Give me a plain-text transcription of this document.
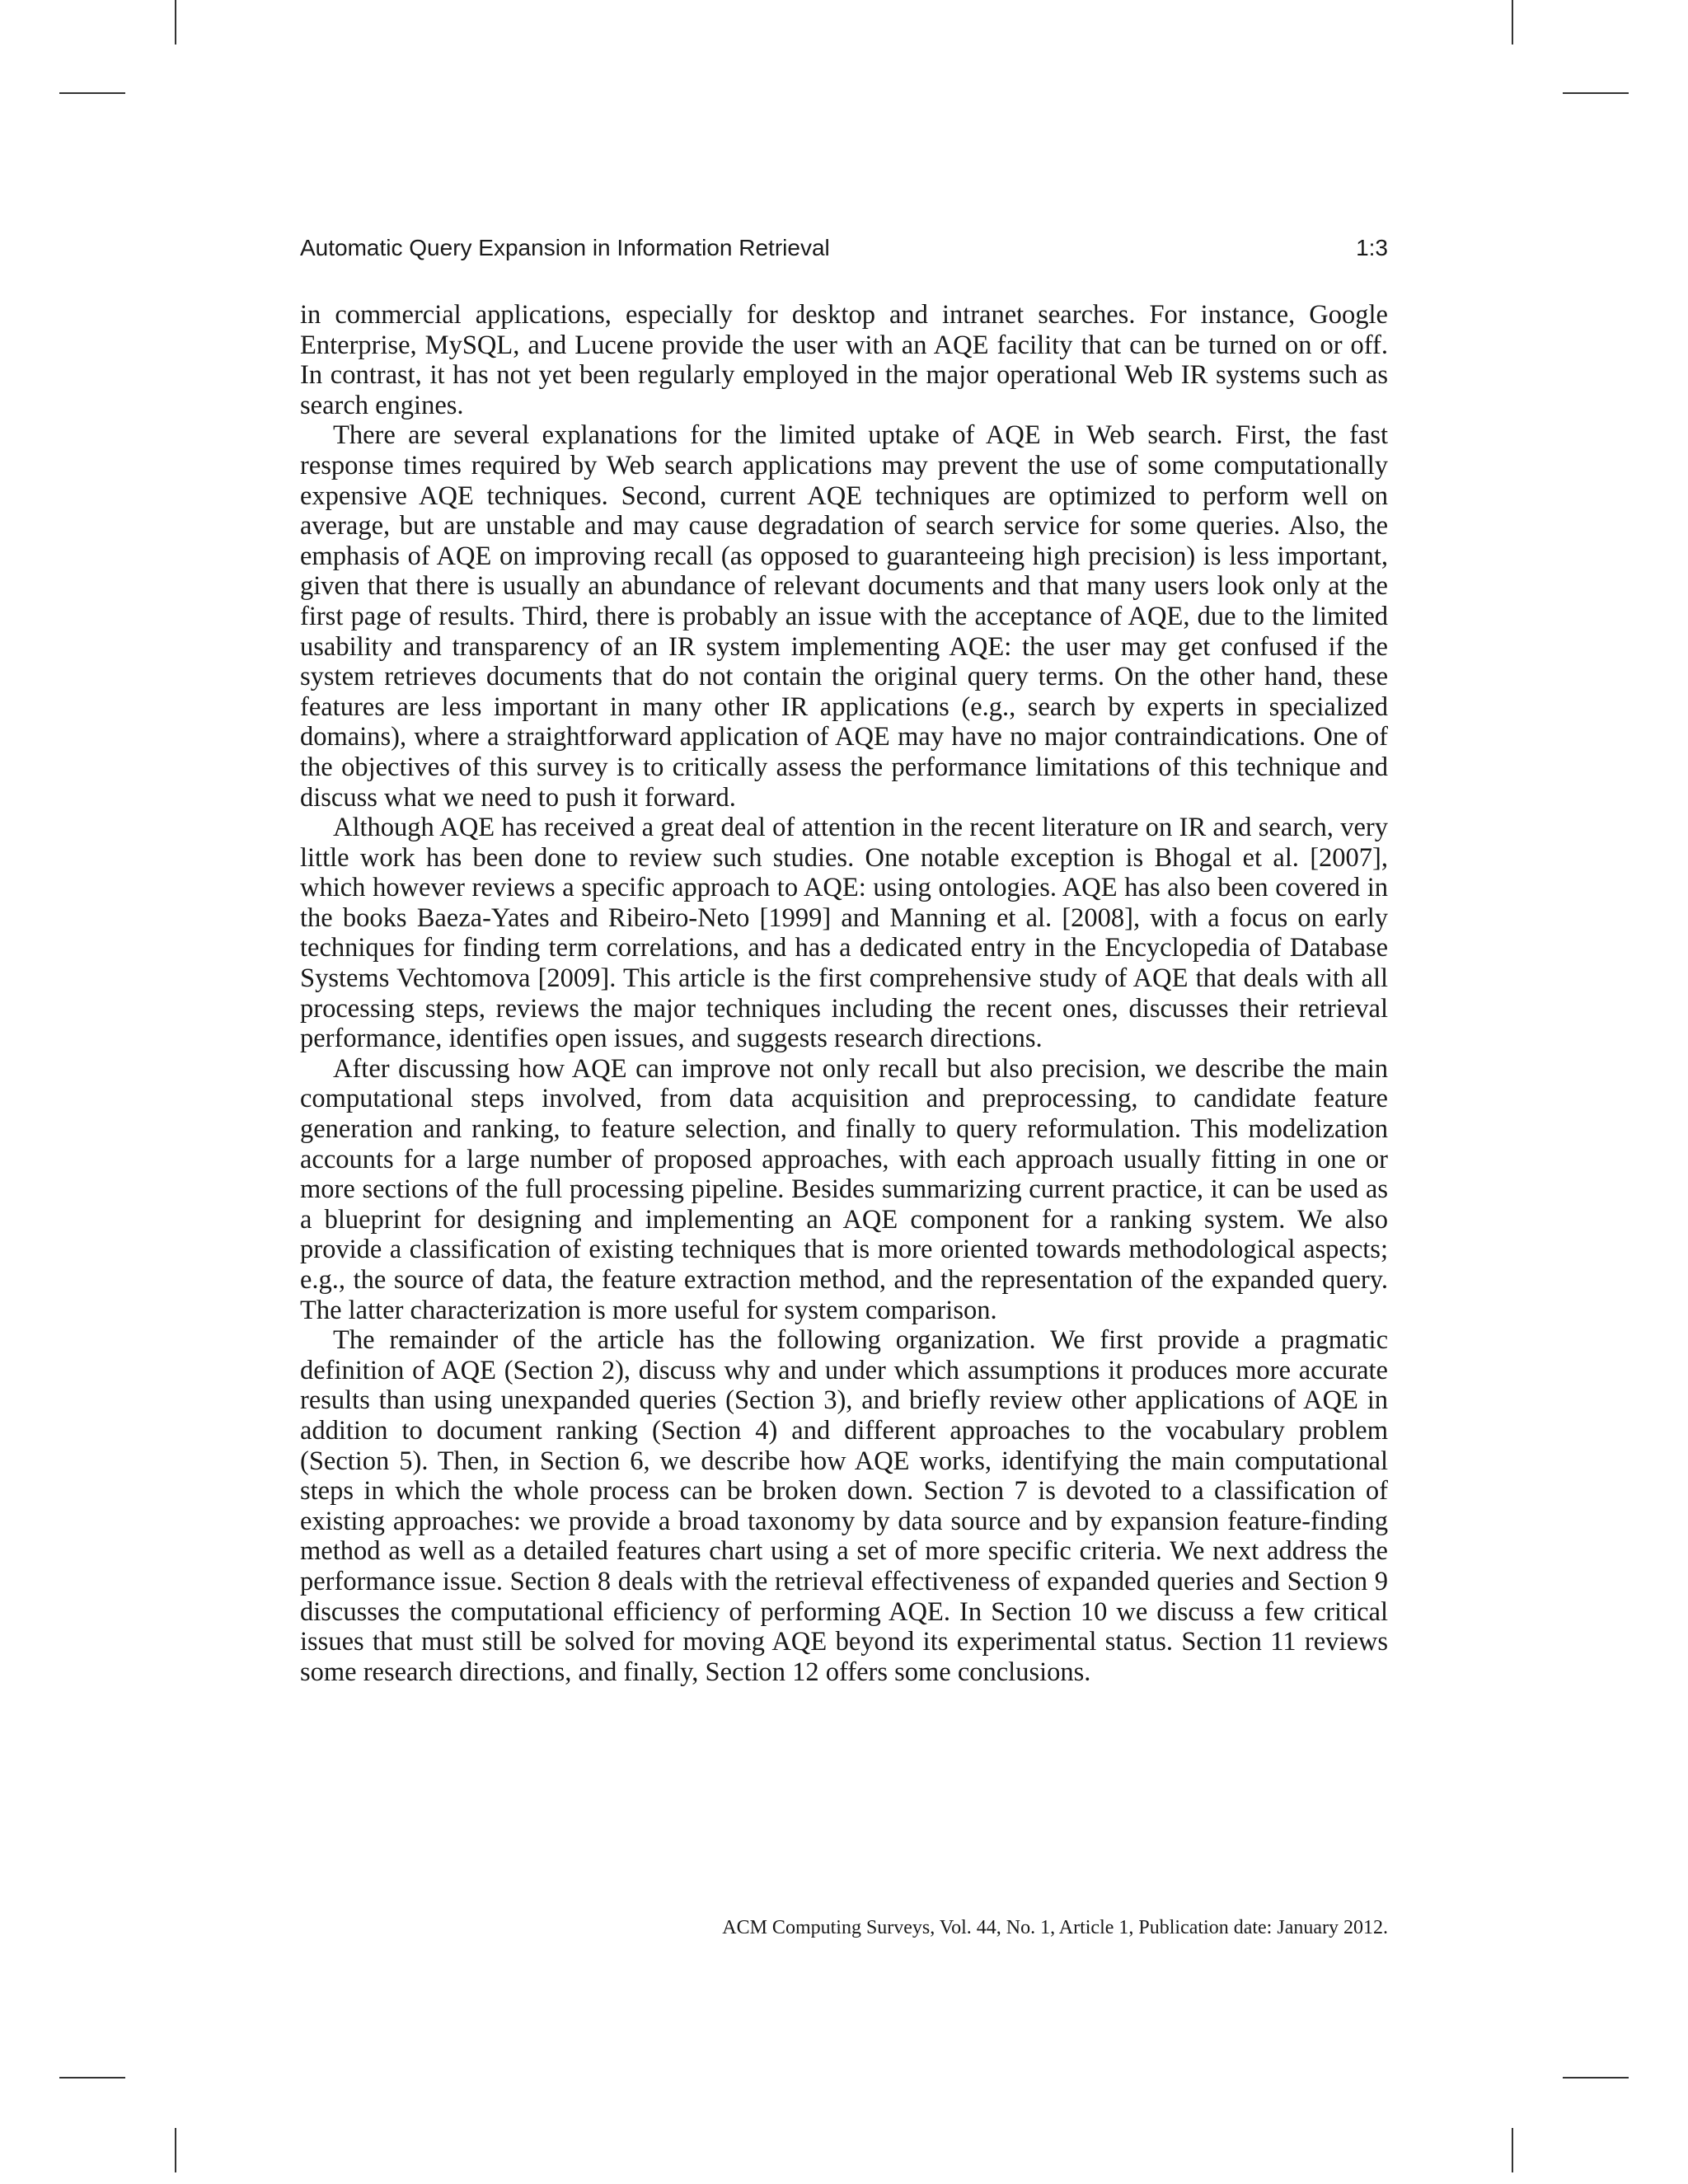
Automatic Query Expansion in Information Retrieval	1:3

in commercial applications, especially for desktop and intranet searches. For instance, Google Enterprise, MySQL, and Lucene provide the user with an AQE facility that can be turned on or off. In contrast, it has not yet been regularly employed in the major operational Web IR systems such as search engines.

There are several explanations for the limited uptake of AQE in Web search. First, the fast response times required by Web search applications may prevent the use of some computationally expensive AQE techniques. Second, current AQE techniques are optimized to perform well on average, but are unstable and may cause degradation of search service for some queries. Also, the emphasis of AQE on improving recall (as opposed to guaranteeing high precision) is less important, given that there is usually an abundance of relevant documents and that many users look only at the first page of results. Third, there is probably an issue with the acceptance of AQE, due to the limited usability and transparency of an IR system implementing AQE: the user may get confused if the system retrieves documents that do not contain the original query terms. On the other hand, these features are less important in many other IR applications (e.g., search by experts in specialized domains), where a straightforward application of AQE may have no major contraindications. One of the objectives of this survey is to critically assess the performance limitations of this technique and discuss what we need to push it forward.

Although AQE has received a great deal of attention in the recent literature on IR and search, very little work has been done to review such studies. One notable exception is Bhogal et al. [2007], which however reviews a specific approach to AQE: using ontologies. AQE has also been covered in the books Baeza-Yates and Ribeiro-Neto [1999] and Manning et al. [2008], with a focus on early techniques for finding term correlations, and has a dedicated entry in the Encyclopedia of Database Systems Vechtomova [2009]. This article is the first comprehensive study of AQE that deals with all processing steps, reviews the major techniques including the recent ones, discusses their retrieval performance, identifies open issues, and suggests research directions.

After discussing how AQE can improve not only recall but also precision, we describe the main computational steps involved, from data acquisition and preprocessing, to candidate feature generation and ranking, to feature selection, and finally to query reformulation. This modelization accounts for a large number of proposed approaches, with each approach usually fitting in one or more sections of the full processing pipeline. Besides summarizing current practice, it can be used as a blueprint for designing and implementing an AQE component for a ranking system. We also provide a classification of existing techniques that is more oriented towards methodological aspects; e.g., the source of data, the feature extraction method, and the representation of the expanded query. The latter characterization is more useful for system comparison.

The remainder of the article has the following organization. We first provide a pragmatic definition of AQE (Section 2), discuss why and under which assumptions it produces more accurate results than using unexpanded queries (Section 3), and briefly review other applications of AQE in addition to document ranking (Section 4) and different approaches to the vocabulary problem (Section 5). Then, in Section 6, we describe how AQE works, identifying the main computational steps in which the whole process can be broken down. Section 7 is devoted to a classification of existing approaches: we provide a broad taxonomy by data source and by expansion feature-finding method as well as a detailed features chart using a set of more specific criteria. We next address the performance issue. Section 8 deals with the retrieval effectiveness of expanded queries and Section 9 discusses the computational efficiency of performing AQE. In Section 10 we discuss a few critical issues that must still be solved for moving AQE beyond its experimental status. Section 11 reviews some research directions, and finally, Section 12 offers some conclusions.

ACM Computing Surveys, Vol. 44, No. 1, Article 1, Publication date: January 2012.
